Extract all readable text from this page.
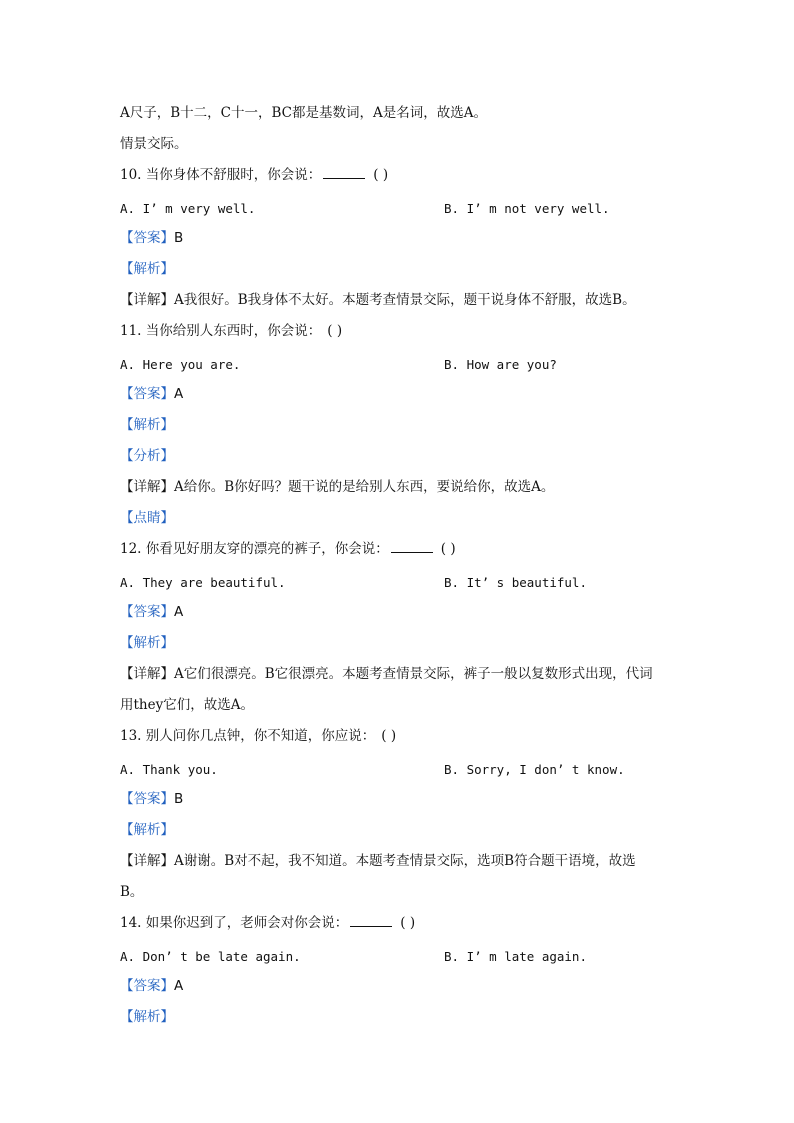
A尺子，B十二，C十一，BC都是基数词，A是名词，故选A。
情景交际。
10. 当你身体不舒服时，你会说：	( )
A. I’ m very well.	B. I’ m not very well.
【答案】B
【解析】
【详解】A我很好。B我身体不太好。本题考查情景交际，题干说身体不舒服，故选B。
11. 当你给别人东西时，你会说： ( )
A. Here you are.	B. How are you?
【答案】A
【解析】
【分析】
【详解】A给你。B你好吗？题干说的是给别人东西，要说给你，故选A。
【点睛】
12. 你看见好朋友穿的漂亮的裤子，你会说：	( )
A. They are beautiful.	B. It’ s beautiful.
【答案】A
【解析】
【详解】A它们很漂亮。B它很漂亮。本题考查情景交际，裤子一般以复数形式出现，代词
用they它们，故选A。
13. 别人问你几点钟，你不知道，你应说： ( )
A. Thank you.	B. Sorry, I don’ t know.
【答案】B
【解析】
【详解】A谢谢。B对不起，我不知道。本题考查情景交际，选项B符合题干语境，故选
B。
14. 如果你迟到了，老师会对你会说：	( )
A. Don’ t be late again.	B. I’ m late again.
【答案】A
【解析】
